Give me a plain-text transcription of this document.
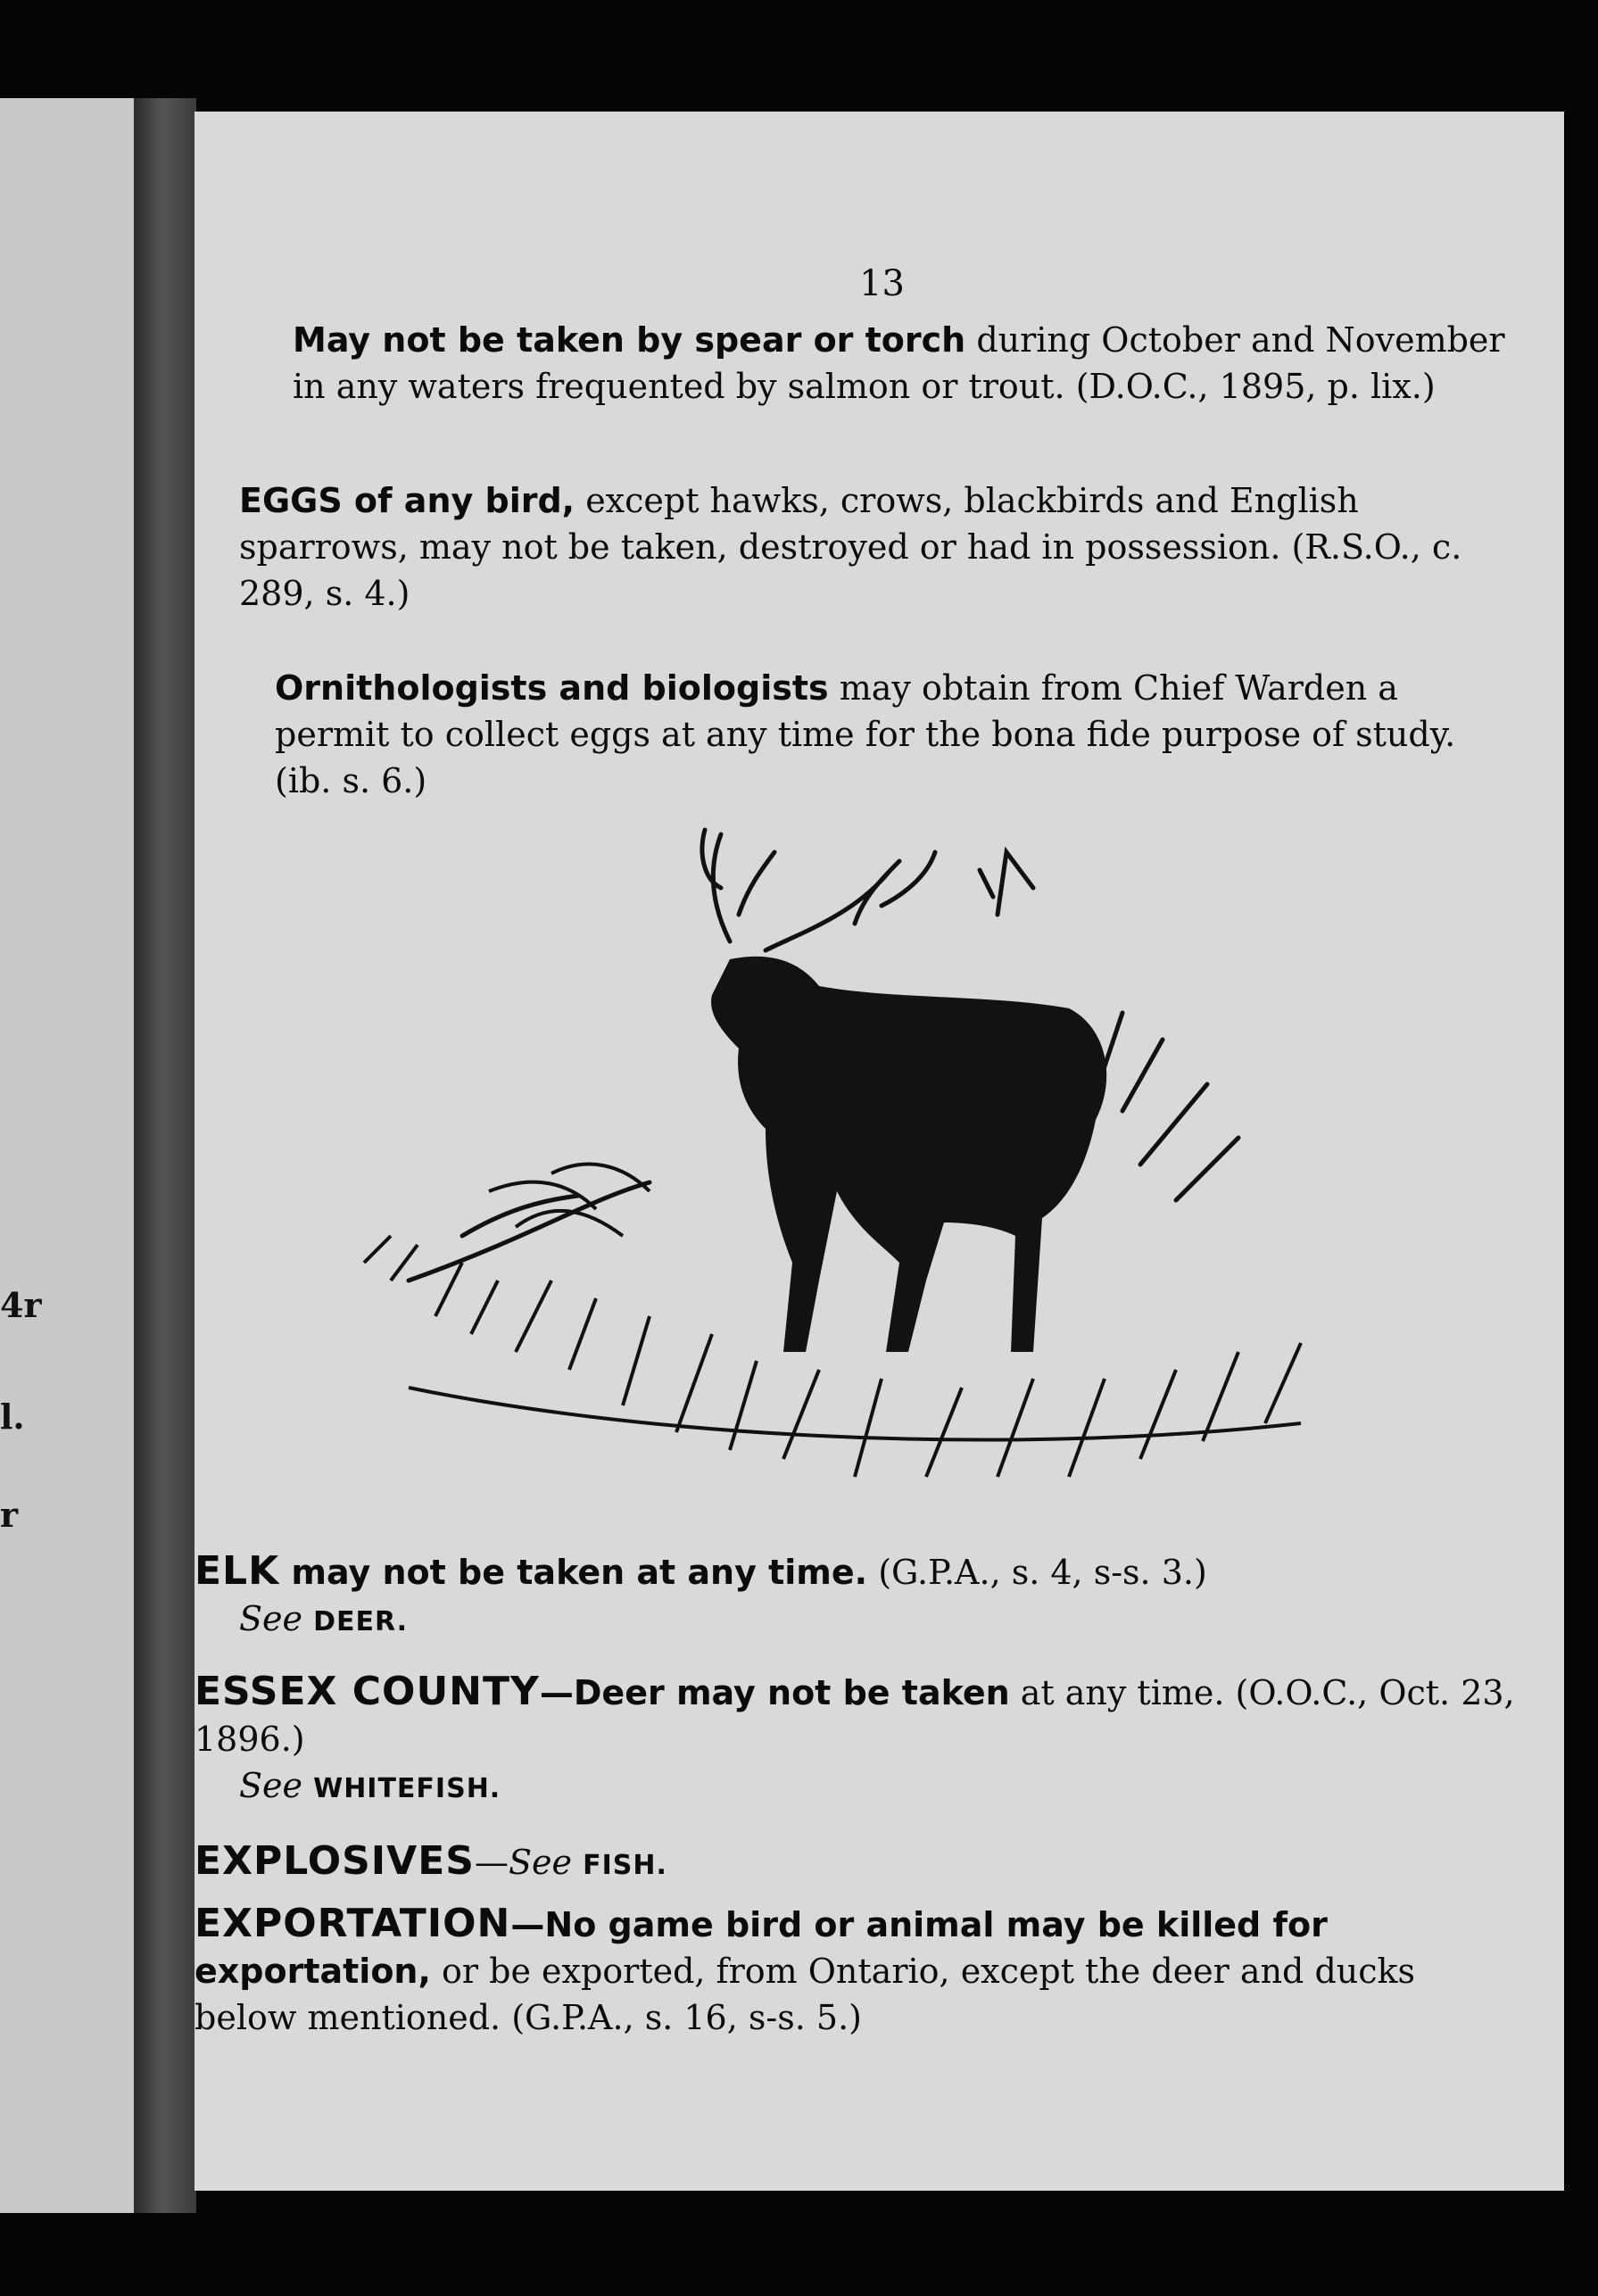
4r
l.
r
13
May not be taken by spear or torch during October and November in any waters frequented by salmon or trout. (D.O.C., 1895, p. lix.)
EGGS of any bird, except hawks, crows, blackbirds and English sparrows, may not be taken, destroyed or had in possession. (R.S.O., c. 289, s. 4.)
Ornithologists and biologists may obtain from Chief Warden a permit to collect eggs at any time for the bona fide purpose of study. (ib. s. 6.)
ELK may not be taken at any time. (G.P.A., s. 4, s-s. 3.)
See DEER.
ESSEX COUNTY—Deer may not be taken at any time. (O.O.C., Oct. 23, 1896.)
See WHITEFISH.
EXPLOSIVES—See FISH.
EXPORTATION—No game bird or animal may be killed for exportation, or be exported, from Ontario, except the deer and ducks below mentioned. (G.P.A., s. 16, s-s. 5.)
